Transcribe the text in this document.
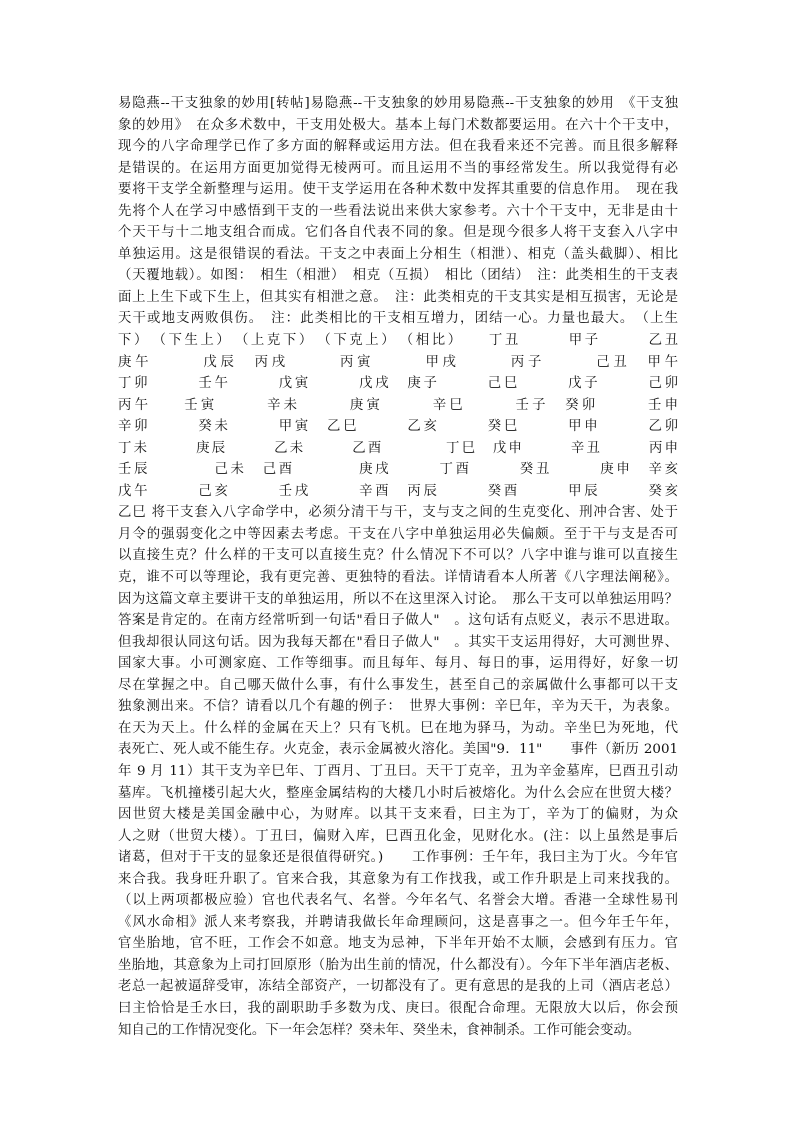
易隐燕--干支独象的妙用[转帖]易隐燕--干支独象的妙用易隐燕--干支独象的妙用　《干支独
象的妙用》　在众多术数中，干支用处极大。基本上每门术数都要运用。在六十个干支中，
现今的八字命理学已作了多方面的解释或运用方法。但在我看来还不完善。而且很多解释
是错误的。在运用方面更加觉得无棱两可。而且运用不当的事经常发生。所以我觉得有必
要将干支学全新整理与运用。使干支学运用在各种术数中发挥其重要的信息作用。　现在我
先将个人在学习中感悟到干支的一些看法说出来供大家参考。六十个干支中，无非是由十
个天干与十二地支组合而成。它们各自代表不同的象。但是现今很多人将干支套入八字中
单独运用。这是很错误的看法。干支之中表面上分相生（相泄）、相克（盖头截脚）、相比
（天覆地载）。如图：　相生（相泄）　相克（互损）　相比（团结）　注：此类相生的干支表
面上上生下或下生上，但其实有相泄之意。　注：此类相克的干支其实是相互损害，无论是
天干或地支两败俱伤。　注：此类相比的干支相互增力，团结一心。力量也最大。　（上生
下）　（下生上）　（上克下）　（下克上）　（相比）　　丁丑　　　甲子　　　乙丑
庚午　　　戊辰　丙戌　　　丙寅　　　甲戌　　　丙子　　　己丑　甲午
丁卯　　　壬午　　　戊寅　　　戊戌　庚子　　　己巳　　　戊子　　　己卯
丙午　　壬寅　　　辛未　　　庚寅　　　辛巳　　　壬子　癸卯　　　壬申
辛卯　　　癸未　　　甲寅　乙巳　　　乙亥　　　癸巳　　　甲申　　　乙卯
丁未　　　庚辰　　　乙未　　　乙酉　　　　丁巳　戊申　　　辛丑　　　丙申
壬辰　　　　己未　己酉　　　　庚戌　　　丁酉　　　癸丑　　　庚申　辛亥
戊午　　　己亥　　　壬戌　　　辛酉　丙辰　　　癸酉　　　甲辰　　　癸亥
乙巳 将干支套入八字命学中，必须分清干与干，支与支之间的生克变化、刑冲合害、处于
月令的强弱变化之中等因素去考虑。干支在八字中单独运用必失偏颇。至于干与支是否可
以直接生克？什么样的干支可以直接生克？什么情况下不可以？八字中谁与谁可以直接生
克，谁不可以等理论，我有更完善、更独特的看法。详情请看本人所著《八字理法阐秘》。
因为这篇文章主要讲干支的单独运用，所以不在这里深入讨论。　那么干支可以单独运用吗？
答案是肯定的。在南方经常听到一句话"看日子做人"　。这句话有点贬义，表示不思进取。
但我却很认同这句话。因为我每天都在"看日子做人"　。其实干支运用得好，大可测世界、
国家大事。小可测家庭、工作等细事。而且每年、每月、每日的事，运用得好，好象一切
尽在掌握之中。自己哪天做什么事，有什么事发生，甚至自己的亲属做什么事都可以干支
独象测出来。不信？请看以几个有趣的例子：　世界大事例：辛巳年，辛为天干，为表象。
在天为天上。什么样的金属在天上？只有飞机。巳在地为驿马，为动。辛坐巳为死地，代
表死亡、死人或不能生存。火克金，表示金属被火溶化。美国"9．11"　　事件（新历 2001
年 9 月 11）其干支为辛巳年、丁酉月、丁丑曰。天干丁克辛，丑为辛金墓库，巳酉丑引动
墓库。飞机撞楼引起大火，整座金属结构的大楼几小时后被熔化。为什么会应在世贸大楼？
因世贸大楼是美国金融中心，为财库。以其干支来看，曰主为丁，辛为丁的偏财，为众
人之财（世贸大楼）。丁丑曰，偏财入库，巳酉丑化金，见财化水。(注：以上虽然是事后
诸葛，但对于干支的显象还是很值得研究。)　　工作事例：壬午年，我曰主为丁火。今年官
来合我。我身旺升职了。官来合我，其意象为有工作找我，或工作升职是上司来找我的。
（以上两项都极应验）官也代表名气、名誉。今年名气、名誉会大增。香港一全球性易刊
《风水命相》派人来考察我，并聘请我做长年命理顾问，这是喜事之一。但今年壬午年，
官坐胎地，官不旺，工作会不如意。地支为忌神，下半年开始不太顺，会感到有压力。官
坐胎地，其意象为上司打回原形（胎为出生前的情况，什么都没有）。今年下半年酒店老板、
老总一起被逼辞受审，冻结全部资产，一切都没有了。更有意思的是我的上司（酒店老总）
曰主恰恰是壬水曰，我的副职助手多数为戊、庚曰。很配合命理。无限放大以后，你会预
知自己的工作情况变化。下一年会怎样？癸未年、癸坐未，食神制杀。工作可能会变动。
